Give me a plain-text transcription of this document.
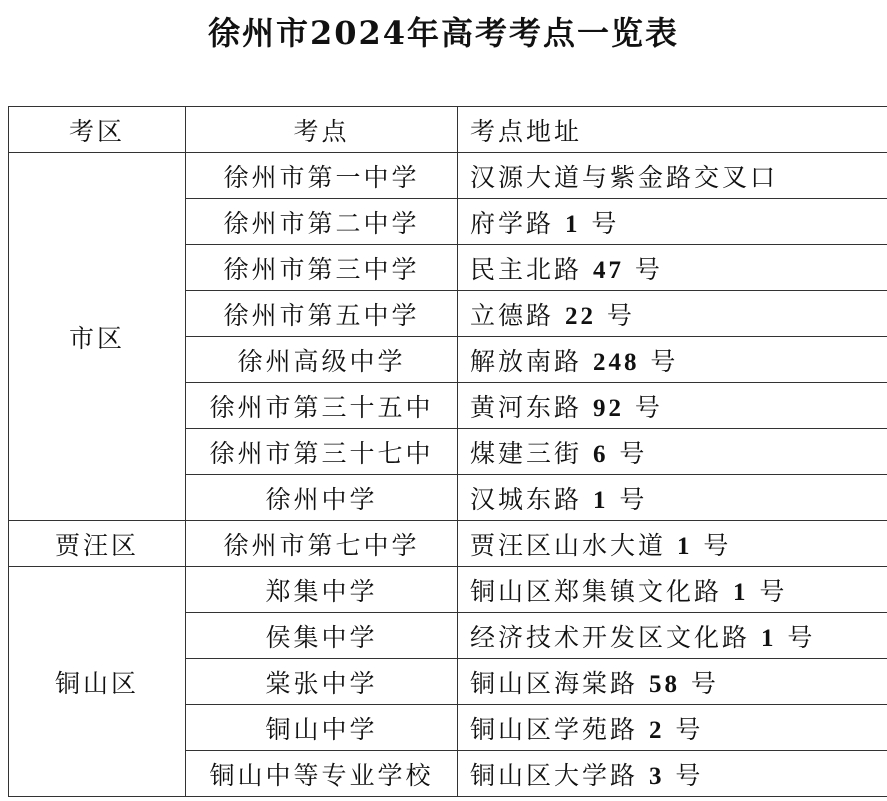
徐州市2024年高考考点一览表
考区	考点	考点地址
市区	徐州市第一中学	汉源大道与紫金路交叉口
	徐州市第二中学	府学路 1 号
	徐州市第三中学	民主北路 47 号
	徐州市第五中学	立德路 22 号
	徐州高级中学	解放南路 248 号
	徐州市第三十五中	黄河东路 92 号
	徐州市第三十七中	煤建三街 6 号
	徐州中学	汉城东路 1 号
贾汪区	徐州市第七中学	贾汪区山水大道 1 号
铜山区	郑集中学	铜山区郑集镇文化路 1 号
	侯集中学	经济技术开发区文化路 1 号
	棠张中学	铜山区海棠路 58 号
	铜山中学	铜山区学苑路 2 号
	铜山中等专业学校	铜山区大学路 3 号
